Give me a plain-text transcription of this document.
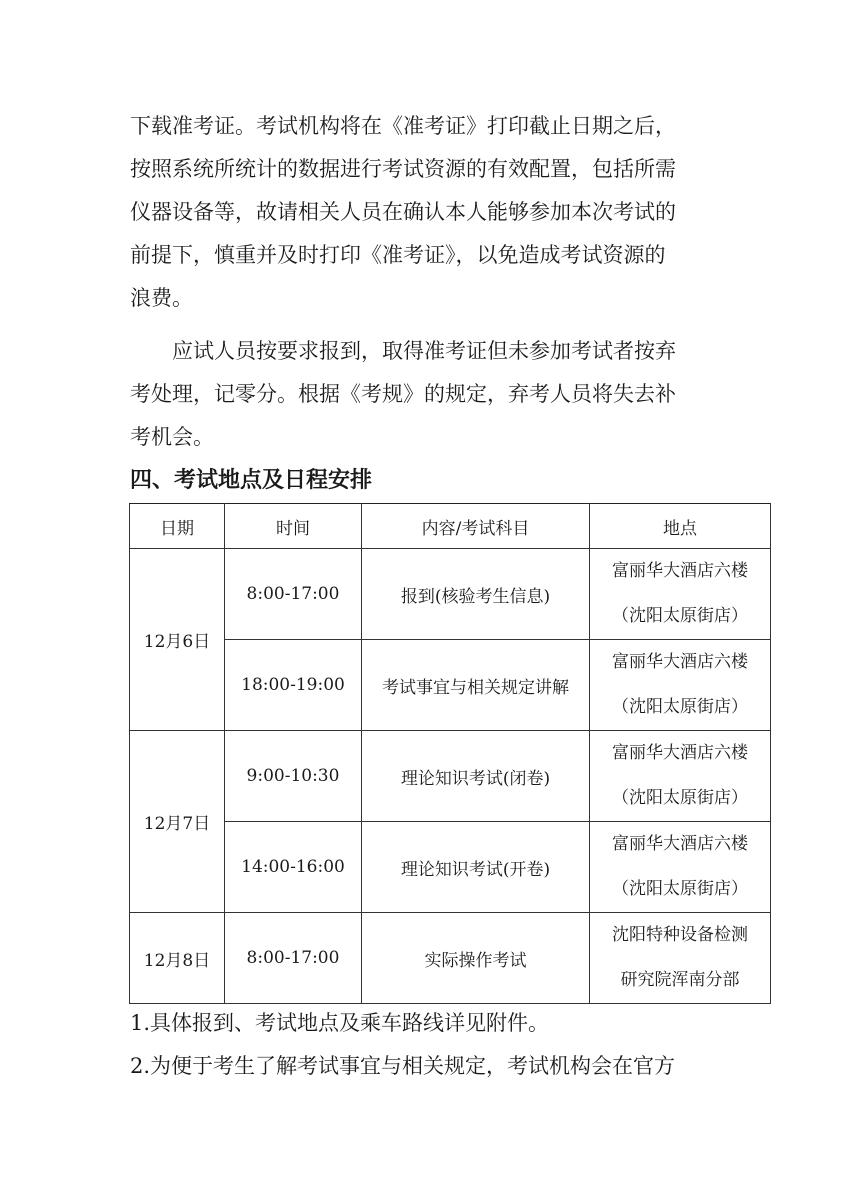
下载准考证。考试机构将在《准考证》打印截止日期之后，
按照系统所统计的数据进行考试资源的有效配置，包括所需
仪器设备等，故请相关人员在确认本人能够参加本次考试的
前提下，慎重并及时打印《准考证》，以免造成考试资源的
浪费。

　　应试人员按要求报到，取得准考证但未参加考试者按弃
考处理，记零分。根据《考规》的规定，弃考人员将失去补
考机会。

四、考试地点及日程安排
日期	时间	内容/考试科目	地点
12月6日	8:00-17:00	报到(核验考生信息)	富丽华大酒店六楼
（沈阳太原街店）

	18:00-19:00	考试事宜与相关规定讲解	富丽华大酒店六楼
（沈阳太原街店）

12月7日	9:00-10:30	理论知识考试(闭卷)	富丽华大酒店六楼
（沈阳太原街店）

	14:00-16:00	理论知识考试(开卷)	富丽华大酒店六楼
（沈阳太原街店）

12月8日	8:00-17:00	实际操作考试	沈阳特种设备检测
研究院浑南分部

1.具体报到、考试地点及乘车路线详见附件。

2.为便于考生了解考试事宜与相关规定，考试机构会在官方
